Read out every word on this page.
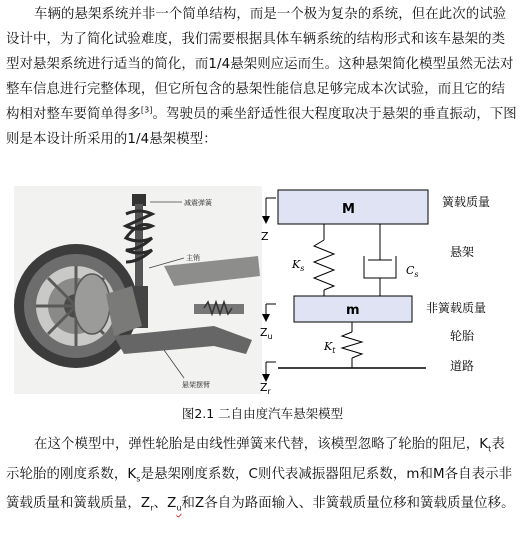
车辆的悬架系统并非一个简单结构，而是一个极为复杂的系统，但在此次的试验设计中，为了简化试验难度，我们需要根据具体车辆系统的结构形式和该车悬架的类型对悬架系统进行适当的简化，而1/4悬架则应运而生。这种悬架简化模型虽然无法对整车信息进行完整体现，但它所包含的悬架性能信息足够完成本次试验，而且它的结构相对整车要简单得多[3]。驾驶员的乘坐舒适性很大程度取决于悬架的垂直振动，下图则是本设计所采用的1/4悬架模型：

减震弹簧
主销
悬架摆臂
M
Z
$K_s$	$C_s$
m
$Z_u$
$K_t$
$Z_r$
簧载质量
悬架
非簧载质量
轮胎
道路
图2.1 二自由度汽车悬架模型

在这个模型中，弹性轮胎是由线性弹簧来代替，该模型忽略了轮胎的阻尼，$K_t$表示轮胎的刚度系数，$K_s$是悬架刚度系数，C则代表减振器阻尼系数，m和M各自表示非簧载质量和簧载质量，$Z_r$、$Z_u$和Z各自为路面输入、非簧载质量位移和簧载质量位移。
